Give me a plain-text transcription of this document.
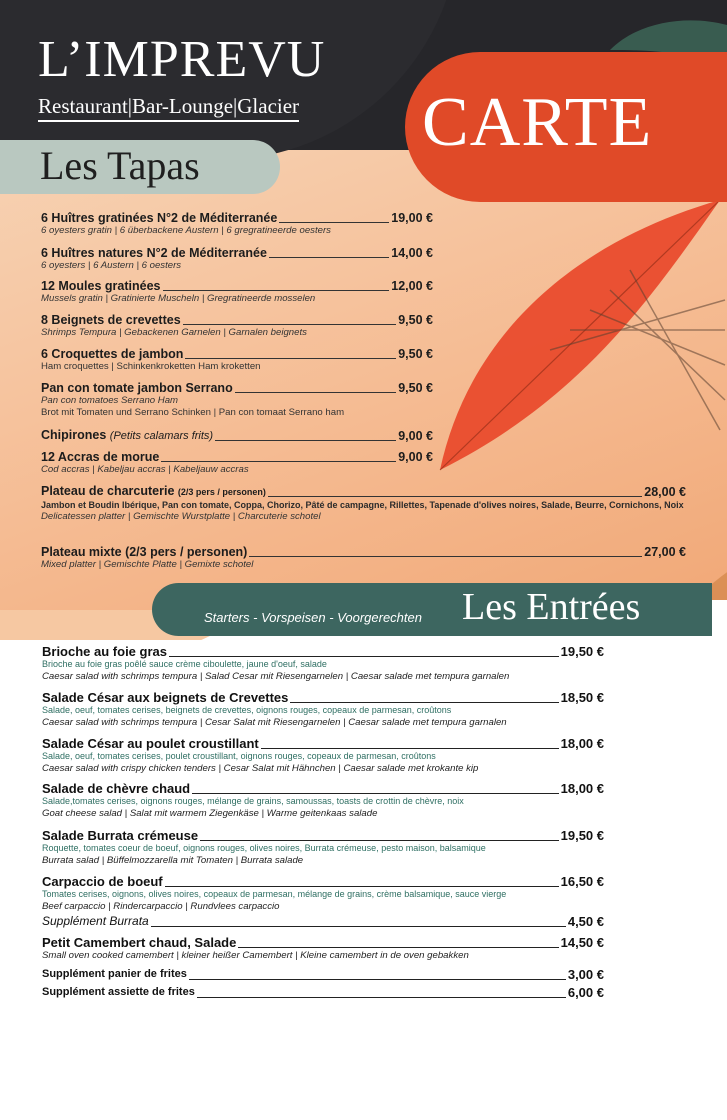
L’IMPREVU
Restaurant|Bar-Lounge|Glacier CARTE
Les Tapas
6 Huîtres gratinées N°2 de Méditerranée	19,00 €
6 oyesters gratin | 6 überbackene Austern | 6 gregratineerde oesters
6 Huîtres natures N°2 de Méditerranée	14,00 €
6 oyesters | 6 Austern | 6 oesters
12 Moules gratinées	12,00 €
Mussels gratin | Gratinierte Muscheln | Gregratineerde mosselen
8 Beignets de crevettes	9,50 €
Shrimps Tempura | Gebackenen Garnelen | Garnalen beignets
6 Croquettes de jambon	9,50 €
Ham croquettes | Schinkenkroketten Ham kroketten
Pan con tomate jambon Serrano	9,50 €
Pan con tomatoes Serrano Ham
Brot mit Tomaten und Serrano Schinken | Pan con tomaat Serrano ham
Chipirones (Petits calamars frits)	9,00 €
12 Accras de morue	9,00 €
Cod accras | Kabeljau accras | Kabeljauw accras
Plateau de charcuterie (2/3 pers / personen)	28,00 €
Jambon et Boudin Ibérique, Pan con tomate, Coppa, Chorizo, Pâté de campagne, Rillettes, Tapenade d'olives noires, Salade, Beurre, Cornichons, Noix
Delicatessen platter | Gemischte Wurstplatte | Charcuterie schotel
Plateau mixte (2/3 pers / personen)	27,00 €
Mixed platter | Gemischte Platte | Gemixte schotel
Starters - Vorspeisen - Voorgerechten Les Entrées
Brioche au foie gras	19,50 €
Brioche au foie gras poêlé sauce crème ciboulette, jaune d'oeuf, salade
Caesar salad with schrimps tempura | Salad Cesar mit Riesengarnelen | Caesar salade met tempura garnalen
Salade César aux beignets de Crevettes	18,50 €
Salade, oeuf, tomates cerises, beignets de crevettes, oignons rouges, copeaux de parmesan, croûtons
Caesar salad with schrimps tempura | Cesar Salat mit Riesengarnelen | Caesar salade met tempura garnalen
Salade César au poulet croustillant	18,00 €
Salade, oeuf, tomates cerises, poulet croustillant, oignons rouges, copeaux de parmesan, croûtons
Caesar salad with crispy chicken tenders | Cesar Salat mit Hähnchen | Caesar salade met krokante kip
Salade de chèvre chaud	18,00 €
Salade,tomates cerises, oignons rouges, mélange de grains, samoussas, toasts de crottin de chèvre, noix
Goat cheese salad | Salat mit warmem Ziegenkäse | Warme geitenkaas salade
Salade Burrata crémeuse	19,50 €
Roquette, tomates coeur de boeuf, oignons rouges, olives noires, Burrata crémeuse, pesto maison, balsamique
Burrata salad | Büffelmozzarella mit Tomaten | Burrata salade
Carpaccio de boeuf	16,50 €
Tomates cerises, oignons, olives noires, copeaux de parmesan, mélange de grains, crème balsamique, sauce vierge
Beef carpaccio | Rindercarpaccio | Rundvlees carpaccio
Supplément Burrata	4,50 €
Petit Camembert chaud, Salade	14,50 €
Small oven cooked camembert | kleiner heißer Camembert | Kleine camembert in de oven gebakken
Supplément panier de frites	3,00 €
Supplément assiette de frites	6,00 €
